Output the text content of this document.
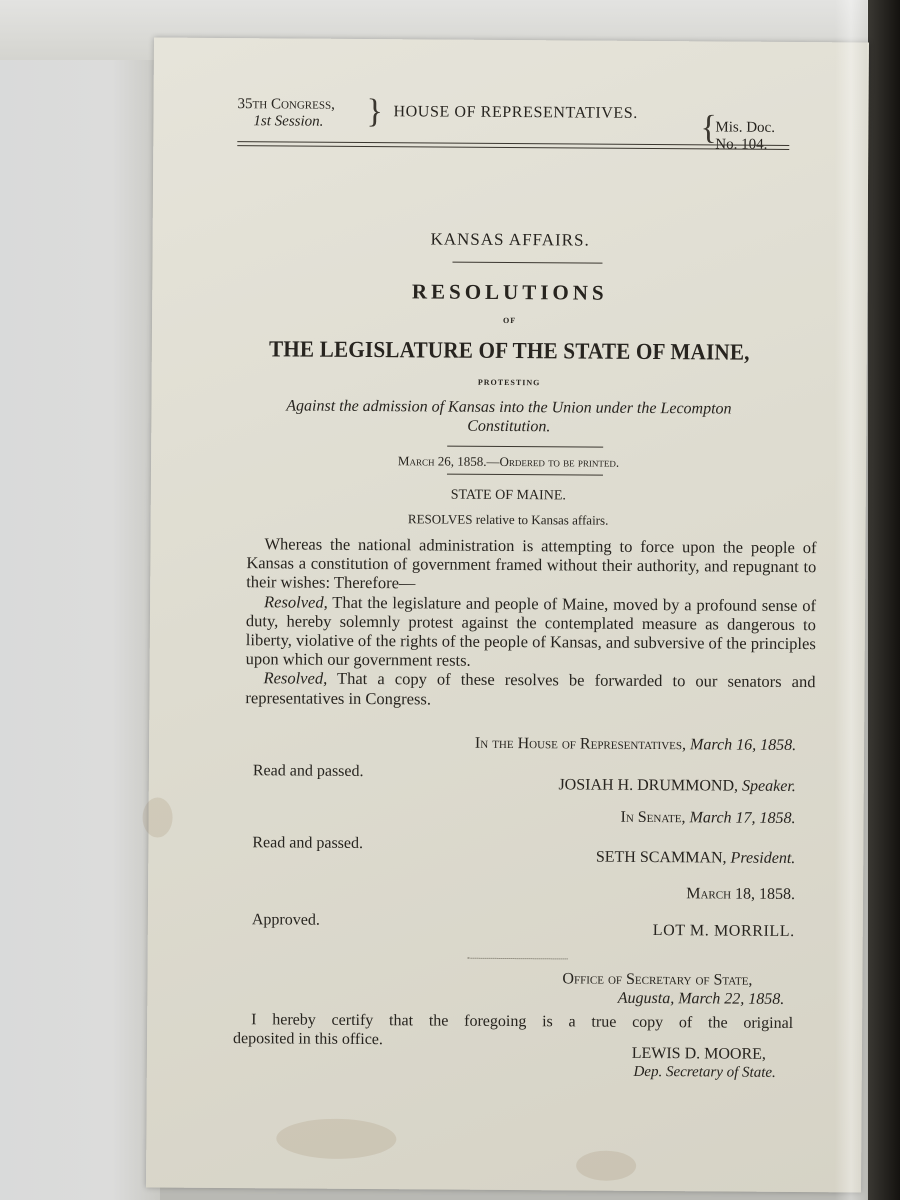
35th Congress,
1st Session.	} HOUSE OF REPRESENTATIVES. {
Mis. Doc.
No. 104.
KANSAS AFFAIRS.
RESOLUTIONS
OF
THE LEGISLATURE OF THE STATE OF MAINE,
PROTESTING
Against the admission of Kansas into the Union under the Lecompton
Constitution.
March 26, 1858.—Ordered to be printed.
STATE OF MAINE.
RESOLVES relative to Kansas affairs.

Whereas the national administration is attempting to force upon the people of Kansas a constitution of government framed without their authority, and repugnant to their wishes: Therefore—

Resolved, That the legislature and people of Maine, moved by a profound sense of duty, hereby solemnly protest against the contemplated measure as dangerous to liberty, violative of the rights of the people of Kansas, and subversive of the principles upon which our government rests.

Resolved, That a copy of these resolves be forwarded to our senators and representatives in Congress.

In the House of Representatives, March 16, 1858.
Read and passed.
JOSIAH H. DRUMMOND, Speaker.
In Senate, March 17, 1858.
Read and passed.
SETH SCAMMAN, President.
March 18, 1858.
Approved.
LOT M. MORRILL.
Office of Secretary of State,
Augusta, March 22, 1858.

I hereby certify that the foregoing is a true copy of the original

deposited in this office.

LEWIS D. MOORE,
Dep. Secretary of State.
